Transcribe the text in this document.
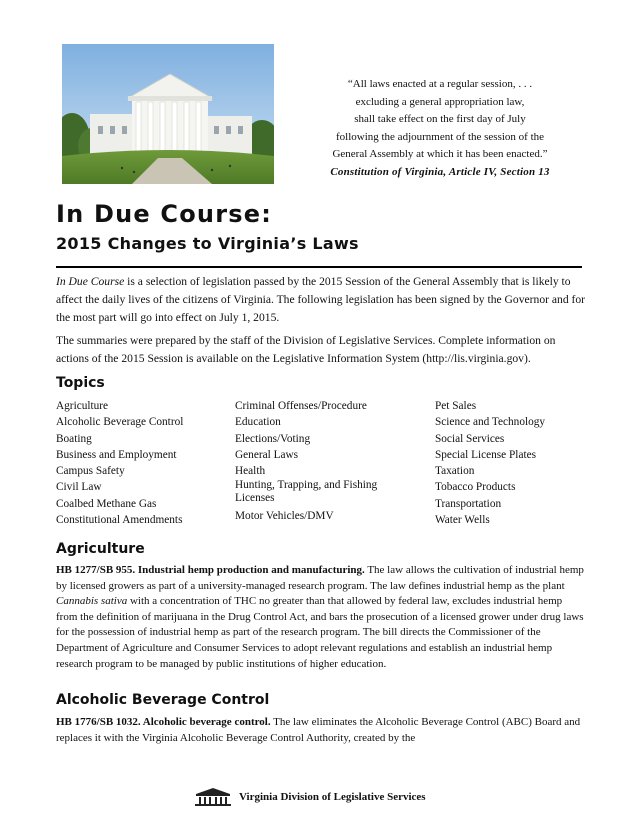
“All laws enacted at a regular session, . . .
excluding a general appropriation law,
shall take effect on the first day of July
following the adjournment of the session of the
General Assembly at which it has been enacted.”
Constitution of Virginia, Article IV, Section 13
In Due Course:
2015 Changes to Virginia’s Laws

In Due Course is a selection of legislation passed by the 2015 Session of the General Assembly that is likely to affect the daily lives of the citizens of Virginia. The following legislation has been signed by the Governor and for the most part will go into effect on July 1, 2015.

The summaries were prepared by the staff of the Division of Legislative Services. Complete information on actions of the 2015 Session is available on the Legislative Information System (http://lis.virginia.gov).

Topics
Agriculture
Alcoholic Beverage Control
Boating
Business and Employment
Campus Safety
Civil Law
Coalbed Methane Gas
Constitutional Amendments
Criminal Offenses/Procedure
Education
Elections/Voting
General Laws
Health
Hunting, Trapping, and Fishing Licenses
Motor Vehicles/DMV
Pet Sales
Science and Technology
Social Services
Special License Plates
Taxation
Tobacco Products
Transportation
Water Wells
Agriculture
HB 1277/SB 955. Industrial hemp production and manufacturing. The law allows the cultivation of industrial hemp by licensed growers as part of a university-managed research program. The law defines industrial hemp as the plant Cannabis sativa with a concentration of THC no greater than that allowed by federal law, excludes industrial hemp from the definition of marijuana in the Drug Control Act, and bars the prosecution of a licensed grower under drug laws for the possession of industrial hemp as part of the research program. The bill directs the Commissioner of the Department of Agriculture and Consumer Services to adopt relevant regulations and establish an industrial hemp research program to be managed by public institutions of higher education.
Alcoholic Beverage Control
HB 1776/SB 1032. Alcoholic beverage control. The law eliminates the Alcoholic Beverage Control (ABC) Board and replaces it with the Virginia Alcoholic Beverage Control Authority, created by the
Virginia Division of Legislative Services
